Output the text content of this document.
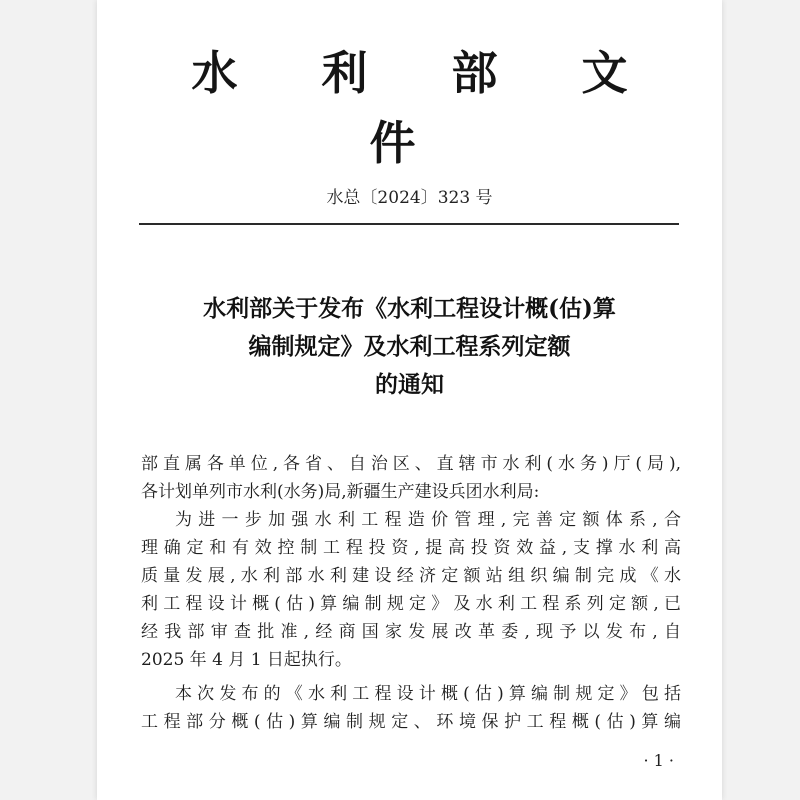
水 利 部 文 件
水总〔2024〕323 号
水利部关于发布《水利工程设计概(估)算
编制规定》及水利工程系列定额
的通知

部直属各单位,各省、自治区、直辖市水利(水务)厅(局),
各计划单列市水利(水务)局,新疆生产建设兵团水利局:

为进一步加强水利工程造价管理,完善定额体系,合
理确定和有效控制工程投资,提高投资效益,支撑水利高
质量发展,水利部水利建设经济定额站组织编制完成《水
利工程设计概(估)算编制规定》及水利工程系列定额,已
经我部审查批准,经商国家发展改革委,现予以发布,自
2025 年 4 月 1 日起执行。

本次发布的《水利工程设计概(估)算编制规定》包括
工程部分概(估)算编制规定、环境保护工程概(估)算编

· 1 ·
